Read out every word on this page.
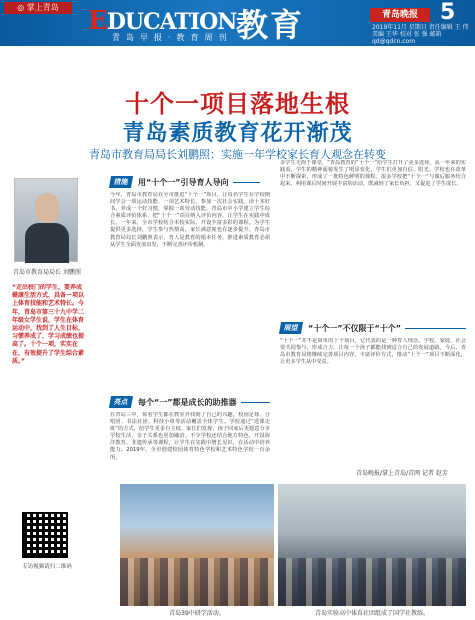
◎ 掌上青岛	EDUCATION 教育
青岛早报·教育周刊
青岛晚报	5
2019年11月 星期日 责任编辑 王 伟 美编 王华 校对 张 强 邮箱 qd@qdcn.com
十个一项目落地生根
青岛素质教育花开渐茂
青岛市教育局局长刘鹏照：实施一年学校家长育人观念在转变
青岛市教育局局长 刘鹏照
“走出校门的学生，要养成健康生活方式，具备一项以上体育技能和艺术特长。今年，青岛市第三十九中学二年级女学生说，学生在体育运动中，找到了人生目标，习惯养成了，学习成绩也提高了。十个一项，实实在在，有效提升了学生综合素质。”
专访视频请扫二维码
措施	用“十个一”引导育人导向
今年，青岛市教育局在全市推进“十个一”项目，让每名学生在学校期间学会一项运动技能、一项艺术特长，参加一次社会实践，读十本好书，养成一个好习惯，掌握一项劳动技能。青岛市中小学建立学生综合素质评价体系，把“十个一”项目纳入评价内容，让学生在实践中成长。一年来，全市学校结合本校实际，开设丰富多彩的课程，为学生提供更多选择，学生参与热情高，家长满意度也在逐步提升。青岛市教育局局长刘鹏照表示，育人是教育的根本任务，推进素质教育必须从学生全面发展出发，不断完善评价机制。
亮点	每个“一”都是成长的助推器
在青岛三中，每名学生都在教室外找到了自己的兴趣。校园足球、合唱团、书法社团、科技小组等活动覆盖全体学生。学校通过“选课走班”的方式，给学生更多自主权。家长们发现，孩子回家后更愿意分享学校生活，亲子关系也更加融洽。不少学校还结合地方特色，开设海洋教育、非遗传承等课程，让学生在实践中增长见识，在活动中培养能力。2019年，全市创建校园体育特色学校和艺术特色学校一百余所。
多学生无拘于课堂，“青岛教育的“十个一”给学生打开了更多选择。从一年来的实践看，学生的精神面貌发生了明显变化，学生们更加自信、阳光。学校也在改革中不断探索，形成了一批特色鲜明的课程。很多学校把“十个一”与课后服务结合起来，利用课后时间开展丰富的活动，既减轻了家长负担，又促进了学生成长。
展望	“十个一”不仅限于“十个”
“十个一”并不是简单的十个项目，它代表的是一种育人理念。学校、家庭、社会要共同参与，形成合力，让每一个孩子都能找到适合自己的发展道路。今后，青岛市教育局将继续完善项目内容，丰富评价方式，推动“十个一”项目不断深化，让更多学生从中受益。
青岛晚报/掌上青岛/青网 记者 赵芳
青岛39中研学活动。	青岛实验高中体育社团组成了国学社教练。
